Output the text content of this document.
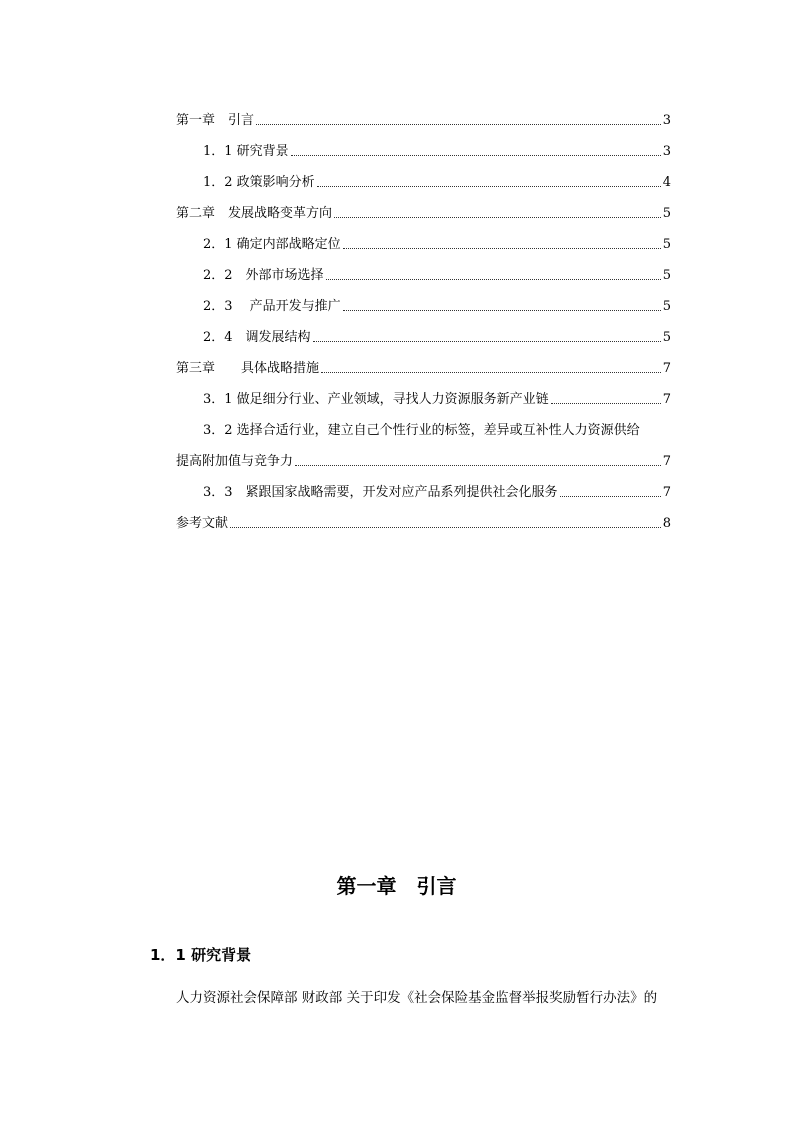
第一章　引言	3
1．1 研究背景	3
1．2 政策影响分析	4
第二章　发展战略变革方向	5
2．1 确定内部战略定位	5
2．2　外部市场选择	5
2．3　 产品开发与推广	5
2．4　调发展结构	5
第三章　　具体战略措施	7
3．1 做足细分行业、产业领域，寻找人力资源服务新产业链	7
3．2 选择合适行业，建立自己个性行业的标签，差异或互补性人力资源供给
提高附加值与竞争力	7
3．3　紧跟国家战略需要，开发对应产品系列提供社会化服务	7
参考文献	8
第一章　引言
1．1 研究背景
人力资源社会保障部 财政部 关于印发《社会保险基金监督举报奖励暂行办法》的
